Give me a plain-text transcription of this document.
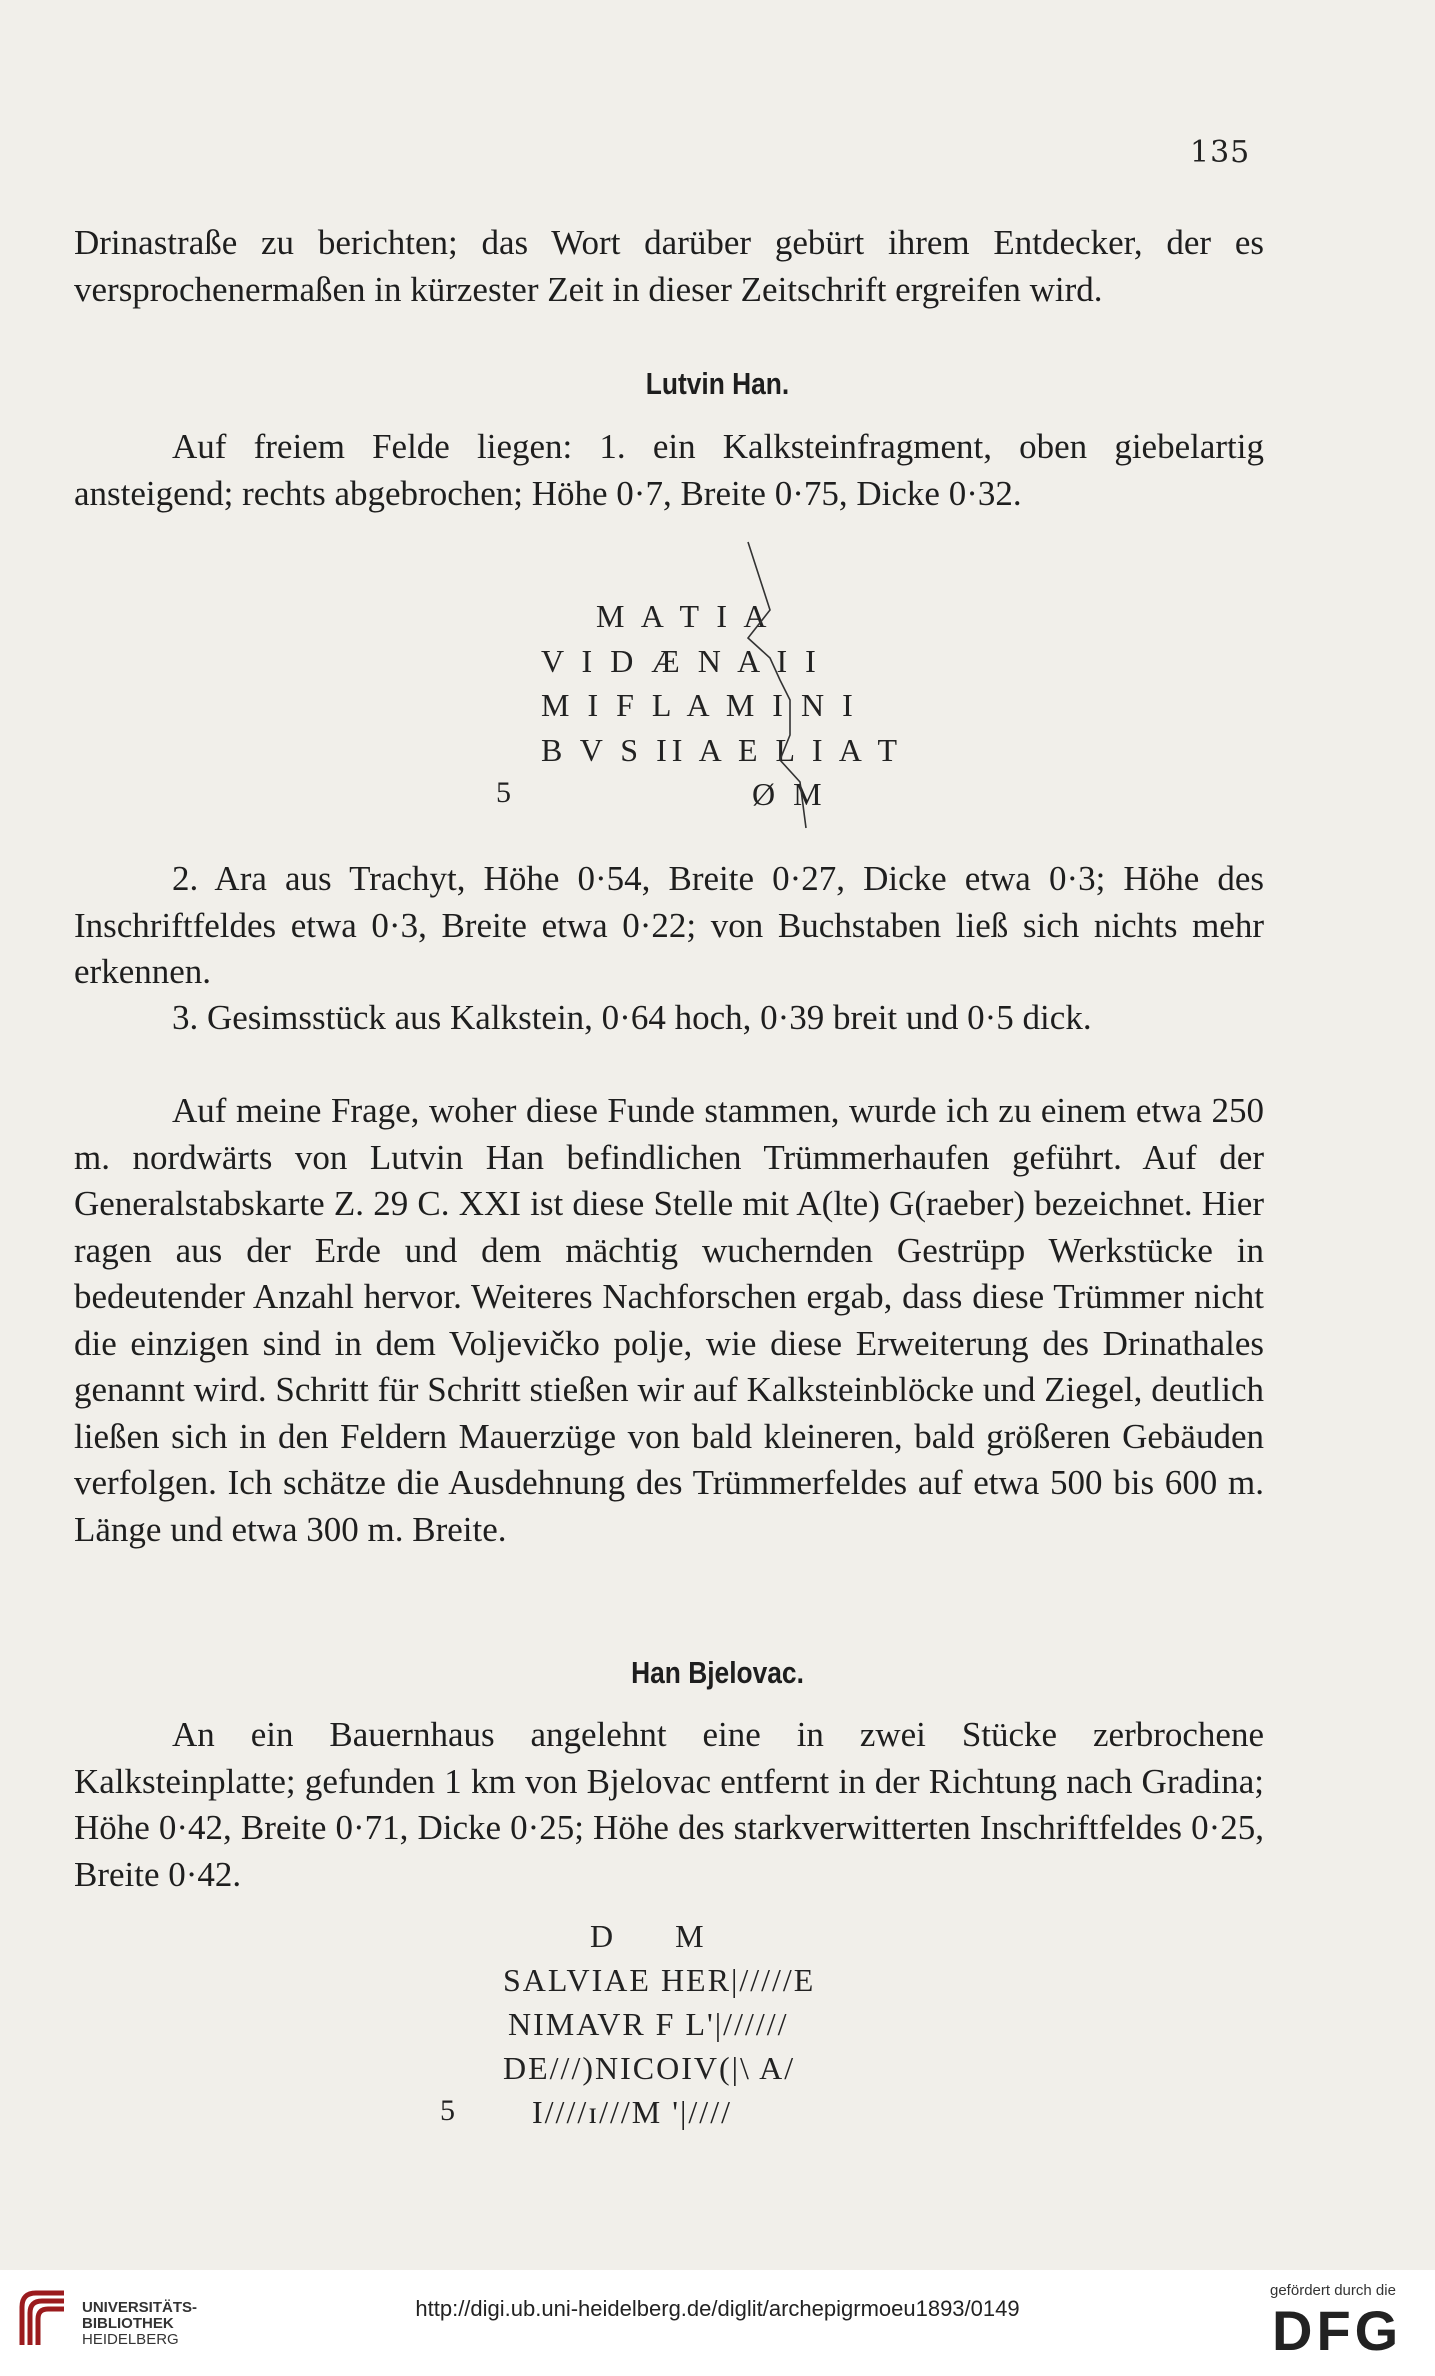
135
Drinastraße zu berichten; das Wort darüber gebürt ihrem Entdecker, der es versprochenermaßen in kürzester Zeit in dieser Zeitschrift ergreifen wird.
Lutvin Han.
Auf freiem Felde liegen: 1. ein Kalksteinfragment, oben giebelartig ansteigend; rechts abgebrochen; Höhe 0·7, Breite 0·75, Dicke 0·32.
M A T I A
V I D Æ N A I I
M I F L A M I N I
B V S II A E L I A T
5	Ø M
2. Ara aus Trachyt, Höhe 0·54, Breite 0·27, Dicke etwa 0·3; Höhe des Inschriftfeldes etwa 0·3, Breite etwa 0·22; von Buchstaben ließ sich nichts mehr erkennen.
3. Gesimsstück aus Kalkstein, 0·64 hoch, 0·39 breit und 0·5 dick.
Auf meine Frage, woher diese Funde stammen, wurde ich zu einem etwa 250 m. nordwärts von Lutvin Han befindlichen Trümmerhaufen geführt. Auf der Generalstabskarte Z. 29 C. XXI ist diese Stelle mit A(lte) G(raeber) bezeichnet. Hier ragen aus der Erde und dem mächtig wuchernden Gestrüpp Werkstücke in bedeutender Anzahl hervor. Weiteres Nachforschen ergab, dass diese Trümmer nicht die einzigen sind in dem Voljevičko polje, wie diese Erweiterung des Drinathales genannt wird. Schritt für Schritt stießen wir auf Kalksteinblöcke und Ziegel, deutlich ließen sich in den Feldern Mauerzüge von bald kleineren, bald größeren Gebäuden verfolgen. Ich schätze die Ausdehnung des Trümmerfeldes auf etwa 500 bis 600 m. Länge und etwa 300 m. Breite.
Han Bjelovac.
An ein Bauernhaus angelehnt eine in zwei Stücke zerbrochene Kalksteinplatte; gefunden 1 km von Bjelovac entfernt in der Richtung nach Gradina; Höhe 0·42, Breite 0·71, Dicke 0·25; Höhe des starkverwitterten Inschriftfeldes 0·25, Breite 0·42.
D      M
SALVIAE HER|/////E
NIMAVR F L'|//////
DE///)NICOIV(|\ A/
5 I////ɪ///M '|////
UNIVERSITÄTS-
BIBLIOTHEK
HEIDELBERG
http://digi.ub.uni-heidelberg.de/diglit/archepigrmoeu1893/0149
gefördert durch die
DFG
